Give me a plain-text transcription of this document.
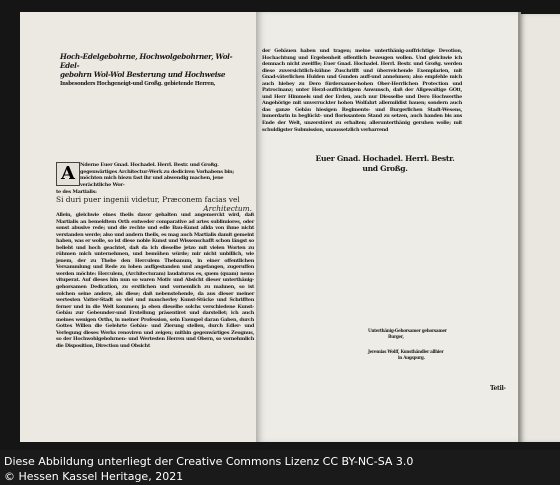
Hoch-Edelgebohrne, Hochwolgebohrner, Wol-Edel-
gebohrn Wol-Wol Besterung und Hochweise
Insbesonders Hochgeneigt-und Großg. gebietende Herren,
A	Nderne Euer Gnad. Hochadel. Herrl. Bestr. und Großg. gegenwärtiges Architectur-Werk zu dediciren Vorhabens bin; möchten mich hiezu fast ihr und abwendig machen, jene verächtliche Wor-
te des Martialis:
Si duri puer ingenii videtur, Præconem facias vel
Architectum.
Allein, gleichwie eines theils davor gehalten und angemerckt wird, daß Martialis an bemeldtem Orth entweder comparative ad artes sublimiores, oder sonst abusive rede; und die rechte und edle Bau-Kunst allda von ihme nicht verstanden werde; also und andern theils, es mag auch Martialis damit gemeint haben, was er wolle, so ist diese noble Kunst und Wissenschafft schon längst so beliebt und hoch geachtet, daß da ich dieselbe jetzo mit vielen Worten zu rühmen mich unternehmen, und bemühen würde; mir nicht unbillich, wie jenem, der zu Thebe den Herculem Thebanum, in einer offentlichen Versammlung und Rede zu loben auffgestanden und angefangen, zugeruffen werden möchte: Herculem, (Architecturam) laudaturus es, quem (quam) nemo vituperat. Auf dieses hin nun so waren Motiv und Absicht dieser unterthänig-gehorsamen Dedication, zu erstlichen und vornemlich zu mahnen, so ist solchen seine andere, als diese; daß nebenstehende, da aus dieser meiner wertesten Vatter-Stadt so viel und mancherley Kunst-Stücke und Schrifften ferner und in die Welt kommen; ja eben dieselbe solchs verschiedene Kunst-Gebäu zur Gebeunder-und Erstellung präsentiret und darstellet; ich auch meines wenigen Orths, in meiner Profession, sein Exempel daran Gaben, durch Gottes Willen die Gelehrte Gebäu- und Zierung stellen, durch Edler- und Verlegung dieses Werks renoviren und zeigen; mithin gegenwärtiges Zeugnus, so der Hochwohlgebohrnen- und Wertesten Herren und Obern, so vornehmlich die Disposition, Direction und Obsicht
der Gebäuen haben und tragen; meine unterthänig-auffrichtige Devotion, Hochachtung und Ergebenheit offentlich bezeugen wollen. Und gleichwie ich demnach nicht zweiffle; Euer Gnad. Hochadel. Herrl. Bestr. und Großg. werden diese zuversichtlich-kühne Zuschrifft und überreichende Exemplarien, mit Gnad-väterlichen Hulden und Gunden auff-und annehmen; also empfehle mich auch hiebey zu Dero fürdersamer-hohen Ober-Herrlichen Protection und Patrocinanz; unter Herzl-auffrichtigem Anwunsch, daß der Allgewaltige GOtt, und Herr Himmels und der Erden, auch nur Diesselbe und Dero Hochwerthe Angehörige mit unverruckter hohen Wolfahrt allermildist bauen; sondern auch das ganze Gebäu hiesigen Regiments- und Burgerlichen Stadt-Wesens, inmerdarin in beglückt- und florissantem Stand zu setzen, auch handen bis ans Ende der Welt, unzerstöret zu erhalten; allerunterthänig geruhen wolle; mit schuldigster Submission, unaussetzlich verharrend
Euer Gnad. Hochadel. Herrl. Bestr.
und Großg.
Unterthänig-Gehorsamer gehorsamer
Burger,
Jeremias Wolff, Kunsthändler allhier
in Augspurg.
Tetil-
Diese Abbildung unterliegt der Creative Commons Lizenz CC BY-NC-SA 3.0
© Hessen Kassel Heritage, 2021
